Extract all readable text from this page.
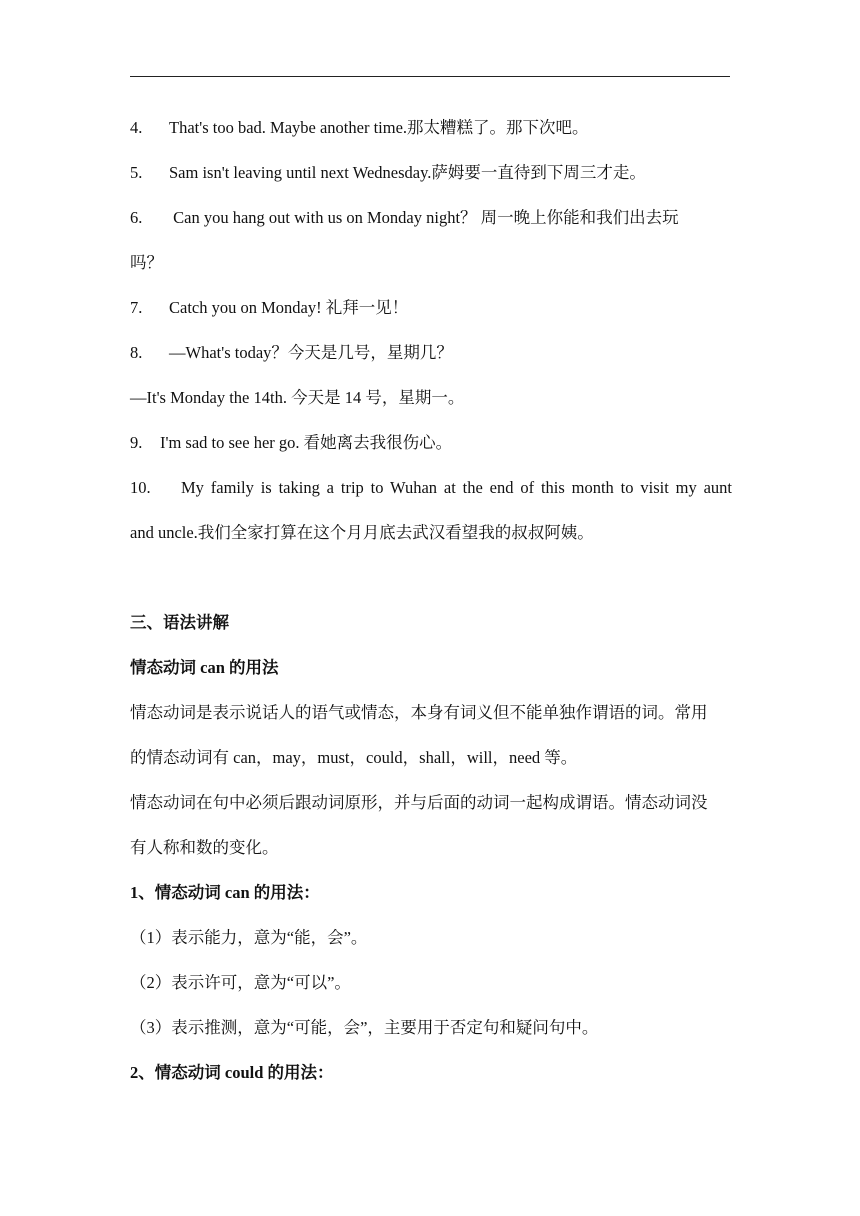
4. That's too bad. Maybe another time.那太糟糕了。那下次吧。
5. Sam isn't leaving until next Wednesday.萨姆要一直待到下周三才走。
6. Can you hang out with us on Monday night？ 周一晚上你能和我们出去玩
吗？
7. Catch you on Monday! 礼拜一见！
8. —What's today？今天是几号，星期几？
—It's Monday the 14th. 今天是 14 号，星期一。
9. I'm sad to see her go. 看她离去我很伤心。
10. My family is taking a trip to Wuhan at the end of this month to visit my aunt
and uncle.我们全家打算在这个月月底去武汉看望我的叔叔阿姨。
三、语法讲解
情态动词 can 的用法
情态动词是表示说话人的语气或情态，本身有词义但不能单独作谓语的词。常用
的情态动词有 can，may，must，could，shall，will，need 等。
情态动词在句中必须后跟动词原形，并与后面的动词一起构成谓语。情态动词没
有人称和数的变化。
1、情态动词 can 的用法：
（1）表示能力，意为“能，会”。
（2）表示许可，意为“可以”。
（3）表示推测，意为“可能，会”，主要用于否定句和疑问句中。
2、情态动词 could 的用法：
